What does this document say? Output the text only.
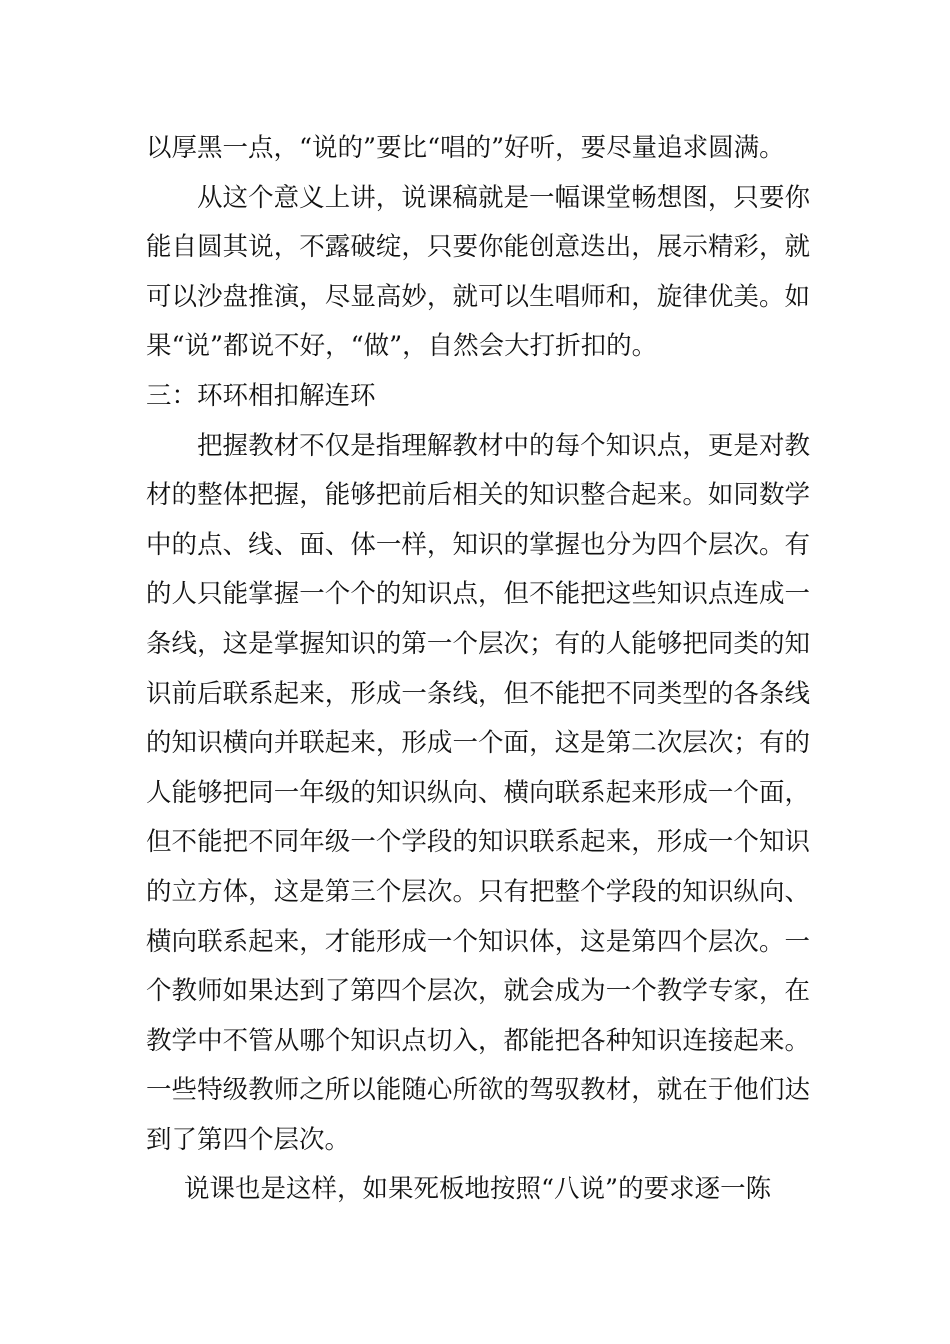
以厚黑一点，“说的”要比“唱的”好听，要尽量追求圆满。

从这个意义上讲，说课稿就是一幅课堂畅想图，只要你能自圆其说，不露破绽，只要你能创意迭出，展示精彩，就可以沙盘推演，尽显高妙，就可以生唱师和，旋律优美。如果“说”都说不好，“做”，自然会大打折扣的。

三：环环相扣解连环

把握教材不仅是指理解教材中的每个知识点，更是对教材的整体把握，能够把前后相关的知识整合起来。如同数学中的点、线、面、体一样，知识的掌握也分为四个层次。有的人只能掌握一个个的知识点，但不能把这些知识点连成一条线，这是掌握知识的第一个层次；有的人能够把同类的知识前后联系起来，形成一条线，但不能把不同类型的各条线的知识横向并联起来，形成一个面，这是第二次层次；有的人能够把同一年级的知识纵向、横向联系起来形成一个面，但不能把不同年级一个学段的知识联系起来，形成一个知识的立方体，这是第三个层次。只有把整个学段的知识纵向、横向联系起来，才能形成一个知识体，这是第四个层次。一个教师如果达到了第四个层次，就会成为一个教学专家，在教学中不管从哪个知识点切入，都能把各种知识连接起来。一些特级教师之所以能随心所欲的驾驭教材，就在于他们达到了第四个层次。

说课也是这样，如果死板地按照“八说”的要求逐一陈
